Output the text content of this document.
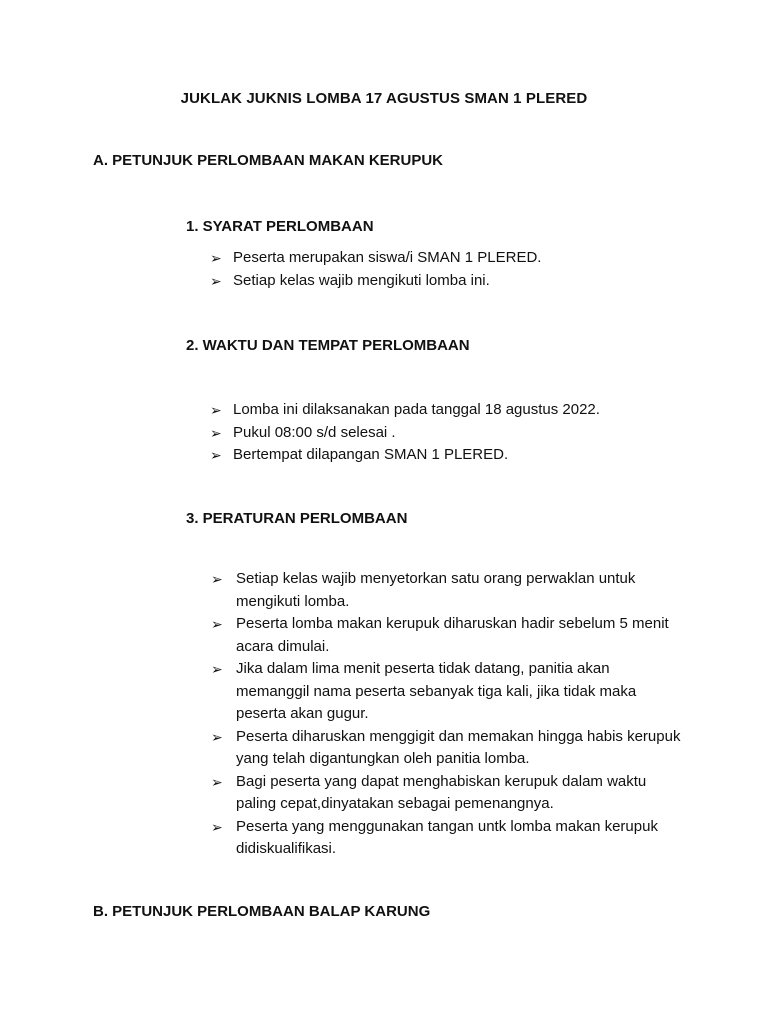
JUKLAK JUKNIS LOMBA 17 AGUSTUS SMAN 1 PLERED
A. PETUNJUK PERLOMBAAN MAKAN KERUPUK
1. SYARAT PERLOMBAAN
➢ Peserta merupakan siswa/i SMAN 1 PLERED.
➢ Setiap kelas wajib mengikuti lomba ini.
2. WAKTU DAN TEMPAT PERLOMBAAN
➢ Lomba ini dilaksanakan pada tanggal 18 agustus 2022.
➢ Pukul 08:00 s/d selesai .
➢ Bertempat dilapangan SMAN 1 PLERED.
3. PERATURAN PERLOMBAAN
➢ Setiap kelas wajib menyetorkan satu orang perwaklan untuk mengikuti lomba.
➢ Peserta lomba makan kerupuk diharuskan hadir sebelum 5 menit acara dimulai.
➢ Jika dalam lima menit peserta tidak datang, panitia akan memanggil nama peserta sebanyak tiga kali, jika tidak maka peserta akan gugur.
➢ Peserta diharuskan menggigit dan memakan hingga habis kerupuk yang telah digantungkan oleh panitia lomba.
➢ Bagi peserta yang dapat menghabiskan kerupuk dalam waktu paling cepat,dinyatakan sebagai pemenangnya.
➢ Peserta yang menggunakan tangan untk lomba makan kerupuk didiskualifikasi.
B. PETUNJUK PERLOMBAAN BALAP KARUNG
